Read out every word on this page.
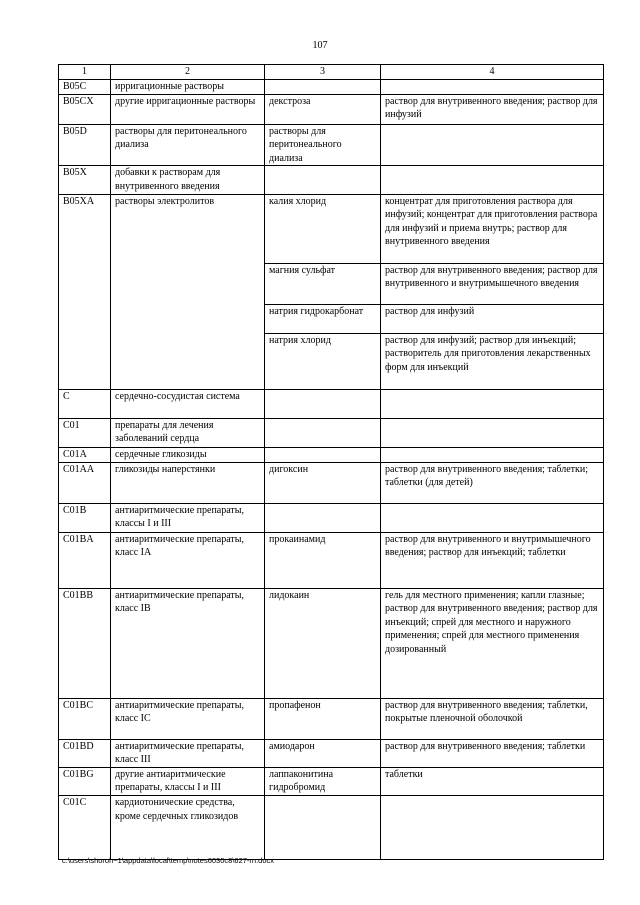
107
1	2	3	4
B05C	ирригационные растворы		
B05CX	другие ирригационные растворы	декстроза	раствор для внутривенного введения; раствор для инфузий
B05D	растворы для перитонеального диализа	растворы для перитонеального диализа	
B05X	добавки к растворам для внутривенного введения		
B05XA	растворы электролитов	калия хлорид	концентрат для приготовления раствора для инфузий; концентрат для приготовления раствора для инфузий и приема внутрь; раствор для внутривенного введения
		магния сульфат	раствор для внутривенного введения; раствор для внутривенного и внутримышечного введения
		натрия гидрокарбонат	раствор для инфузий
		натрия хлорид	раствор для инфузий; раствор для инъекций; растворитель для приготовления лекарственных форм для инъекций
C	сердечно-сосудистая система		
C01	препараты для лечения заболеваний сердца		
C01A	сердечные гликозиды		
C01AA	гликозиды наперстянки	дигоксин	раствор для внутривенного введения; таблетки; таблетки (для детей)
C01B	антиаритмические препараты, классы I и III		
C01BA	антиаритмические препараты, класс IA	прокаинамид	раствор для внутривенного и внутримышечного введения; раствор для инъекций; таблетки
C01BB	антиаритмические препараты, класс IB	лидокаин	гель для местного применения; капли глазные; раствор для внутривенного введения; раствор для инъекций; спрей для местного и наружного применения; спрей для местного применения дозированный
C01BC	антиаритмические препараты, класс IC	пропафенон	раствор для внутривенного введения; таблетки, покрытые пленочной оболочкой
C01BD	антиаритмические препараты, класс III	амиодарон	раствор для внутривенного введения; таблетки
C01BG	другие антиаритмические препараты, классы I и III	лаппаконитина гидробромид	таблетки
C01C	кардиотонические средства, кроме сердечных гликозидов		
c:\users\shoroh~1\appdata\local\temp\notes6030c8\627-rn.docx
